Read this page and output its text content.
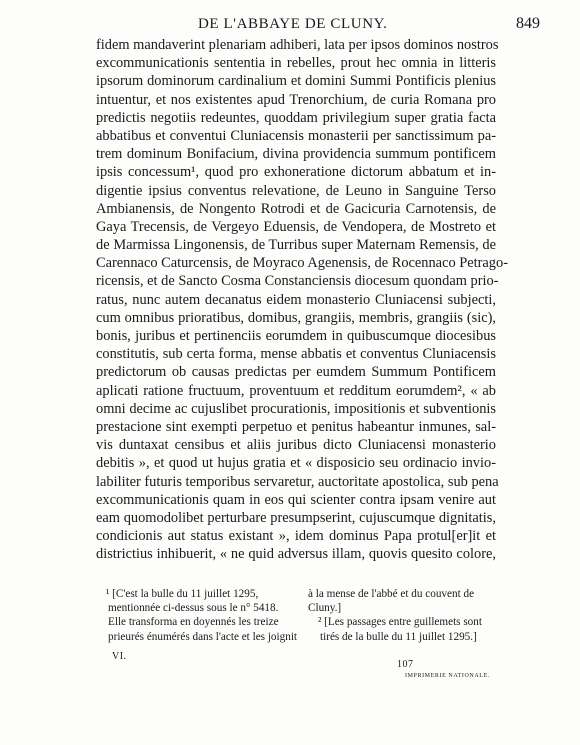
DE L'ABBAYE DE CLUNY.	849
fidem mandaverint plenariam adhiberi, lata per ipsos dominos nostros
excommunicationis sententia in rebelles, prout hec omnia in litteris
ipsorum dominorum cardinalium et domini Summi Pontificis plenius
intuentur, et nos existentes apud Trenorchium, de curia Romana pro
predictis negotiis redeuntes, quoddam privilegium super gratia facta
abbatibus et conventui Cluniacensis monasterii per sanctissimum pa-
trem dominum Bonifacium, divina providencia summum pontificem
ipsis concessum¹, quod pro exhoneratione dictorum abbatum et in-
digentie ipsius conventus relevatione, de Leuno in Sanguine Terso
Ambianensis, de Nongento Rotrodi et de Gacicuria Carnotensis, de
Gaya Trecensis, de Vergeyo Eduensis, de Vendopera, de Mostreto et
de Marmissa Lingonensis, de Turribus super Maternam Remensis, de
Carennaco Caturcensis, de Moyraco Agenensis, de Rocennaco Petrago-
ricensis, et de Sancto Cosma Constanciensis diocesum quondam prio-
ratus, nunc autem decanatus eidem monasterio Cluniacensi subjecti,
cum omnibus prioratibus, domibus, grangiis, membris, grangiis (sic),
bonis, juribus et pertinenciis eorumdem in quibuscumque diocesibus
constitutis, sub certa forma, mense abbatis et conventus Cluniacensis
predictorum ob causas predictas per eumdem Summum Pontificem
aplicati ratione fructuum, proventuum et redditum eorumdem², « ab
omni decime ac cujuslibet procurationis, impositionis et subventionis
prestacione sint exempti perpetuo et penitus habeantur inmunes, sal-
vis duntaxat censibus et aliis juribus dicto Cluniacensi monasterio
debitis », et quod ut hujus gratia et « disposicio seu ordinacio invio-
labiliter futuris temporibus servaretur, auctoritate apostolica, sub pena
excommunicationis quam in eos qui scienter contra ipsam venire aut
eam quomodolibet perturbare presumpserint, cujuscumque dignitatis,
condicionis aut status existant », idem dominus Papa protul[er]it et
districtius inhibuerit, « ne quid adversus illam, quovis quesito colore,
¹ [C'est la bulle du 11 juillet 1295,
mentionnée ci-dessus sous le n° 5418.
Elle transforma en doyennés les treize
prieurés énumérés dans l'acte et les joignit
à la mense de l'abbé et du couvent de
Cluny.]
² [Les passages entre guillemets sont
tirés de la bulle du 11 juillet 1295.]
VI.
107
IMPRIMERIE NATIONALE.
